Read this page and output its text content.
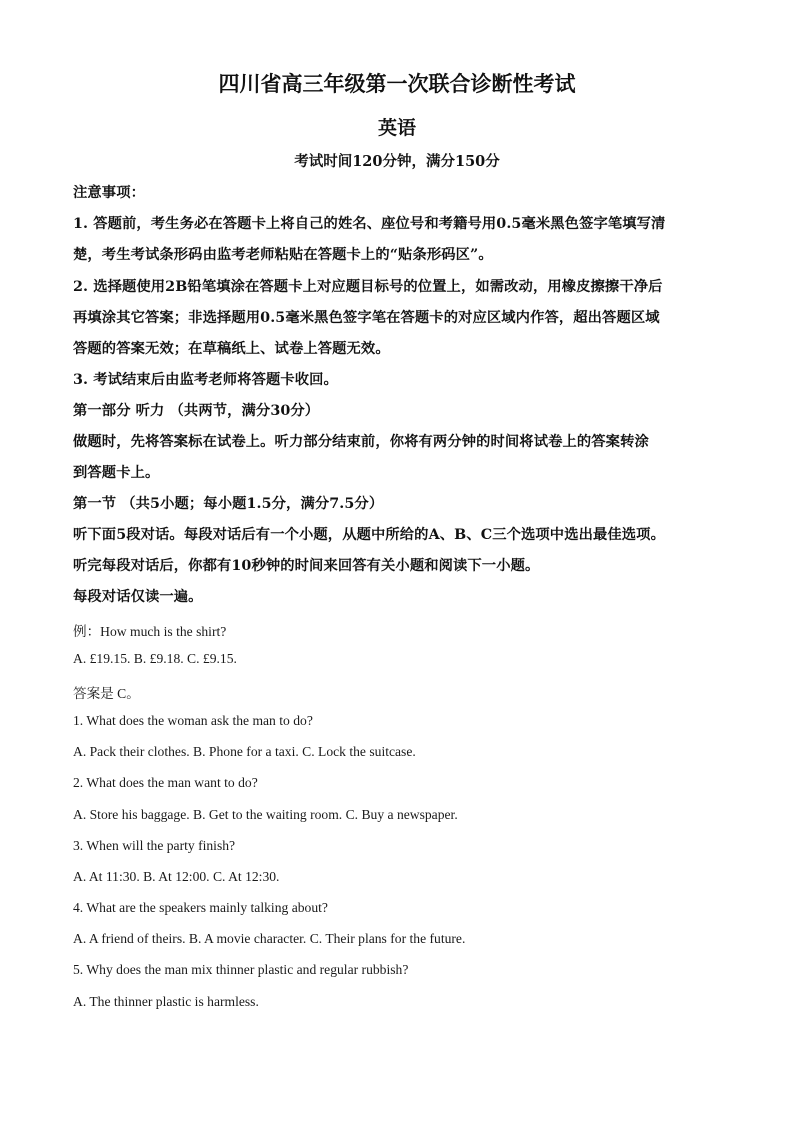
四川省高三年级第一次联合诊断性考试
英语
考试时间120分钟，满分150分
注意事项：
1. 答题前，考生务必在答题卡上将自己的姓名、座位号和考籍号用0.5毫米黑色签字笔填写清
楚，考生考试条形码由监考老师粘贴在答题卡上的“贴条形码区”。
2. 选择题使用2B铅笔填涂在答题卡上对应题目标号的位置上，如需改动，用橡皮擦擦干净后
再填涂其它答案；非选择题用0.5毫米黑色签字笔在答题卡的对应区域内作答，超出答题区域
答题的答案无效；在草稿纸上、试卷上答题无效。
3. 考试结束后由监考老师将答题卡收回。
第一部分 听力 （共两节，满分30分）
做题时，先将答案标在试卷上。听力部分结束前，你将有两分钟的时间将试卷上的答案转涂
到答题卡上。
第一节 （共5小题；每小题1.5分，满分7.5分）
听下面5段对话。每段对话后有一个小题，从题中所给的A、B、C三个选项中选出最佳选项。
听完每段对话后，你都有10秒钟的时间来回答有关小题和阅读下一小题。
每段对话仅读一遍。
例：How much is the shirt?
A. £19.15. B. £9.18. C. £9.15.
答案是 C。
1. What does the woman ask the man to do?
A. Pack their clothes. B. Phone for a taxi. C. Lock the suitcase.
2. What does the man want to do?
A. Store his baggage. B. Get to the waiting room. C. Buy a newspaper.
3. When will the party finish?
A. At 11:30. B. At 12:00. C. At 12:30.
4. What are the speakers mainly talking about?
A. A friend of theirs. B. A movie character. C. Their plans for the future.
5. Why does the man mix thinner plastic and regular rubbish?
A. The thinner plastic is harmless.
